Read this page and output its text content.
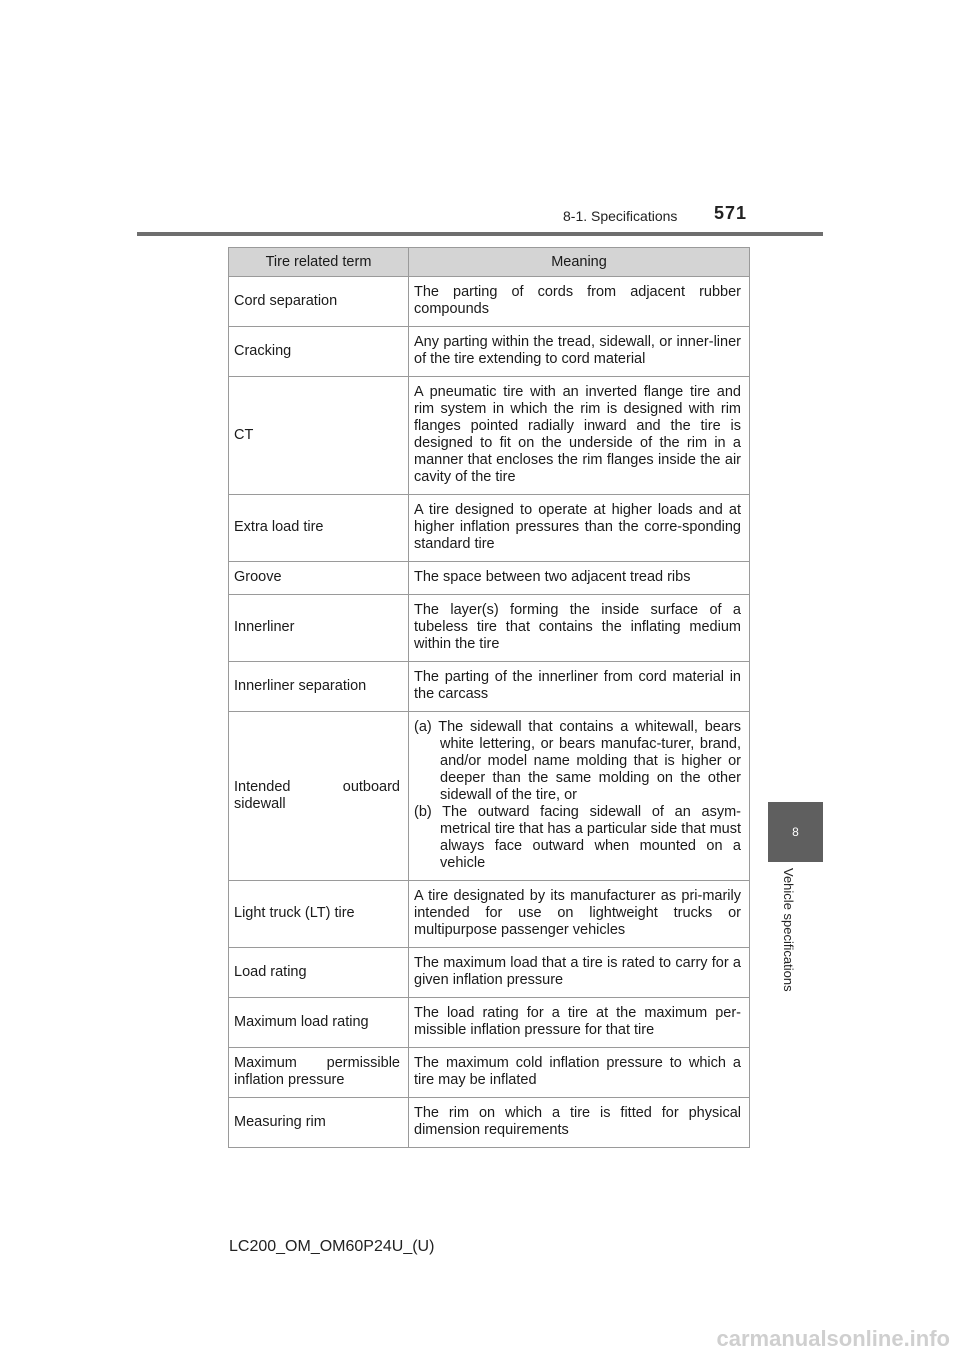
8-1. Specifications 571
8
Vehicle specifications
Tire related term	Meaning
Cord separation	The parting of cords from adjacent rubber compounds
Cracking	Any parting within the tread, sidewall, or inner-liner of the tire extending to cord material
CT	A pneumatic tire with an inverted flange tire and rim system in which the rim is designed with rim flanges pointed radially inward and the tire is designed to fit on the underside of the rim in a manner that encloses the rim flanges inside the air cavity of the tire
Extra load tire	A tire designed to operate at higher loads and at higher inflation pressures than the corre-sponding standard tire
Groove	The space between two adjacent tread ribs
Innerliner	The layer(s) forming the inside surface of a tubeless tire that contains the inflating medium within the tire
Innerliner separation	The parting of the innerliner from cord material in the carcass

Intended outboard
sidewall	(a) The sidewall that contains a whitewall, bears white lettering, or bears manufac-turer, brand, and/or model name molding that is higher or deeper than the same molding on the other sidewall of the tire, or
(b) The outward facing sidewall of an asym-metrical tire that has a particular side that must always face outward when mounted on a vehicle

Light truck (LT) tire	A tire designated by its manufacturer as pri-marily intended for use on lightweight trucks or multipurpose passenger vehicles
Load rating	The maximum load that a tire is rated to carry for a given inflation pressure
Maximum load rating	The load rating for a tire at the maximum per-missible inflation pressure for that tire

Maximum permissible
inflation pressure	The maximum cold inflation pressure to which a tire may be inflated
Measuring rim	The rim on which a tire is fitted for physical dimension requirements
LC200_OM_OM60P24U_(U)
carmanualsonline.info
